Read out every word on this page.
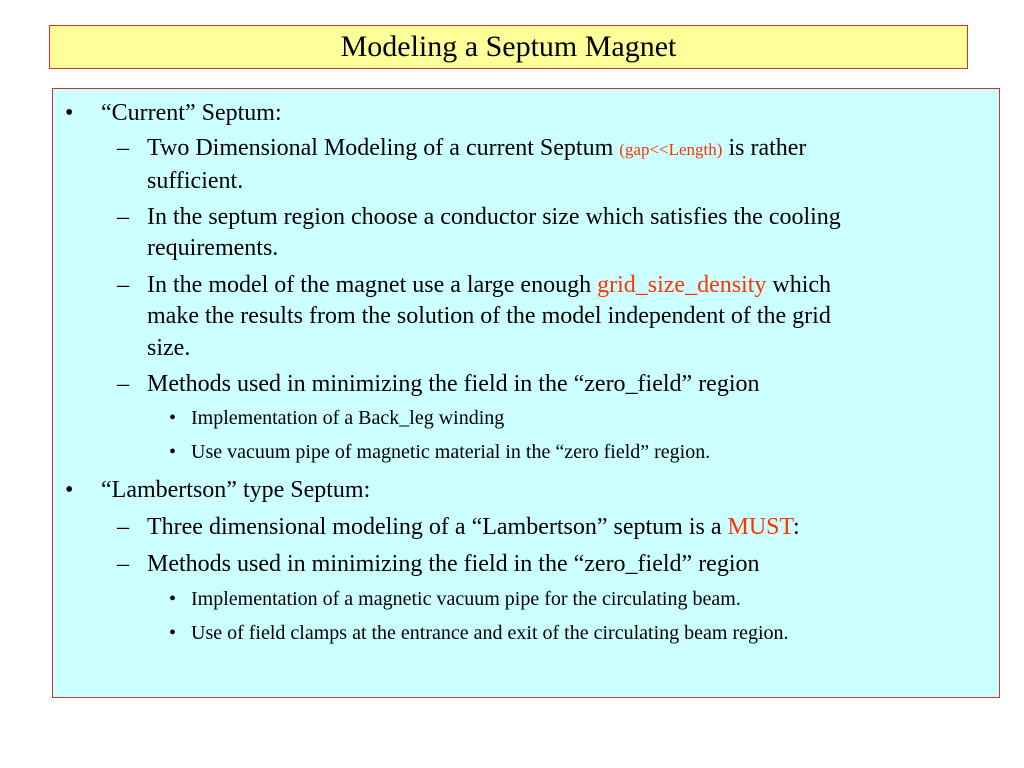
Modeling a Septum Magnet
• “Current” Septum:
– Two Dimensional Modeling of a current Septum (gap<<Length) is rather
sufficient.
– In the septum region choose a conductor size which satisfies the cooling
requirements.
– In the model of the magnet use a large enough grid_size_density which
make the results from the solution of the model independent of the grid
size.
– Methods used in minimizing the field in the “zero_field” region
• Implementation of a Back_leg winding
• Use vacuum pipe of magnetic material in the “zero field” region.
• “Lambertson” type Septum:
– Three dimensional modeling of a “Lambertson” septum is a MUST:
– Methods used in minimizing the field in the “zero_field” region
• Implementation of a magnetic vacuum pipe for the circulating beam.
• Use of field clamps at the entrance and exit of the circulating beam region.
